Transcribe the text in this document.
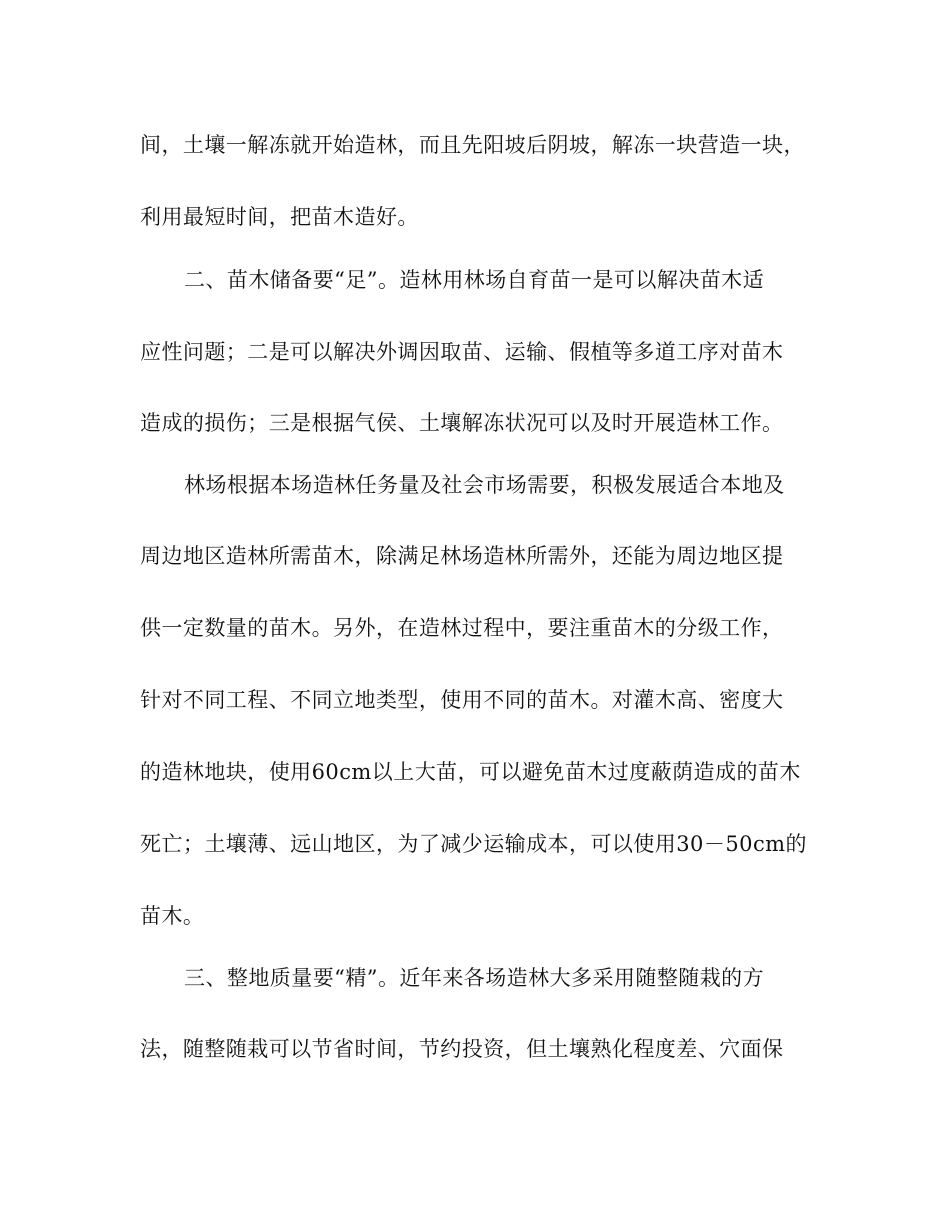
间，土壤一解冻就开始造林，而且先阳坡后阴坡，解冻一块营造一块，
利用最短时间，把苗木造好。
二、苗木储备要“足”。造林用林场自育苗一是可以解决苗木适
应性问题；二是可以解决外调因取苗、运输、假植等多道工序对苗木
造成的损伤；三是根据气侯、土壤解冻状况可以及时开展造林工作。
林场根据本场造林任务量及社会市场需要，积极发展适合本地及
周边地区造林所需苗木，除满足林场造林所需外，还能为周边地区提
供一定数量的苗木。另外，在造林过程中，要注重苗木的分级工作，
针对不同工程、不同立地类型，使用不同的苗木。对灌木高、密度大
的造林地块，使用60cm以上大苗，可以避免苗木过度蔽荫造成的苗木
死亡；土壤薄、远山地区，为了减少运输成本，可以使用30－50cm的
苗木。
三、整地质量要“精”。近年来各场造林大多采用随整随栽的方
法，随整随栽可以节省时间，节约投资，但土壤熟化程度差、穴面保
